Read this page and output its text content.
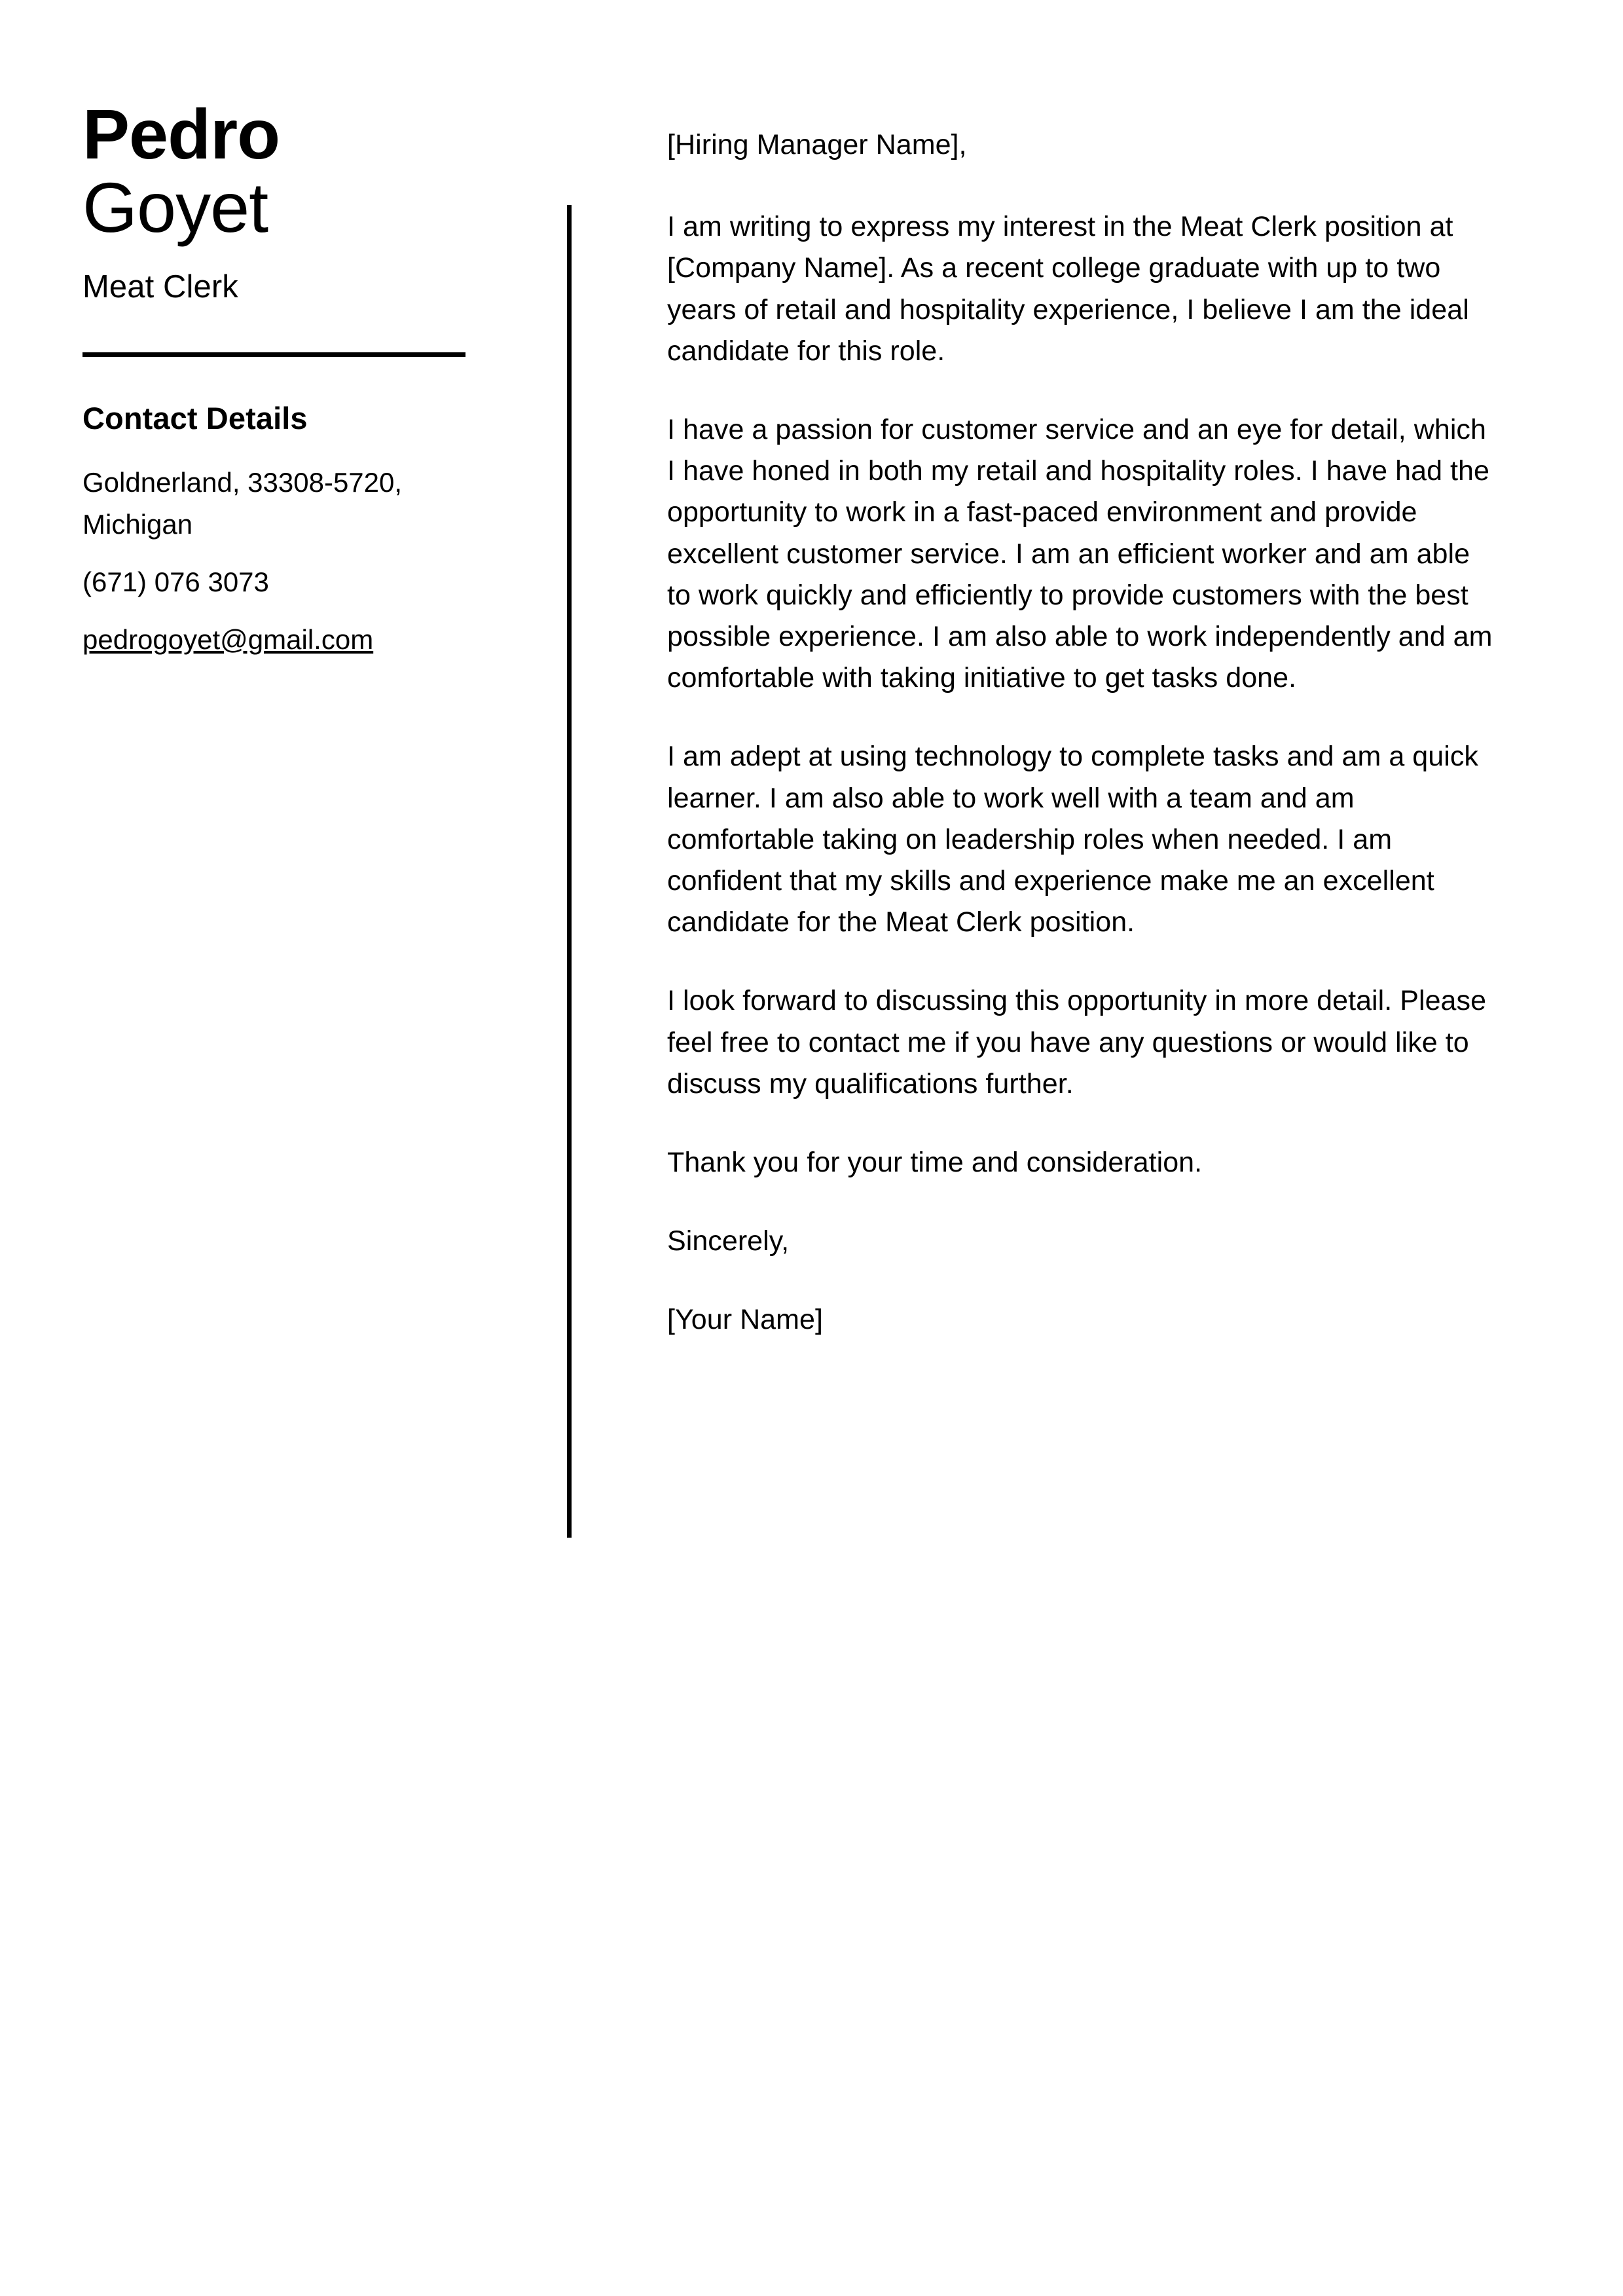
Pedro
Goyet
Meat Clerk
Contact Details
Goldnerland, 33308-5720, Michigan
(671) 076 3073
pedrogoyet@gmail.com

[Hiring Manager Name],

I am writing to express my interest in the Meat Clerk position at [Company Name]. As a recent college graduate with up to two years of retail and hospitality experience, I believe I am the ideal candidate for this role.

I have a passion for customer service and an eye for detail, which I have honed in both my retail and hospitality roles. I have had the opportunity to work in a fast-paced environment and provide excellent customer service. I am an efficient worker and am able to work quickly and efficiently to provide customers with the best possible experience. I am also able to work independently and am comfortable with taking initiative to get tasks done.

I am adept at using technology to complete tasks and am a quick learner. I am also able to work well with a team and am comfortable taking on leadership roles when needed. I am confident that my skills and experience make me an excellent candidate for the Meat Clerk position.

I look forward to discussing this opportunity in more detail. Please feel free to contact me if you have any questions or would like to discuss my qualifications further.

Thank you for your time and consideration.

Sincerely,

[Your Name]
